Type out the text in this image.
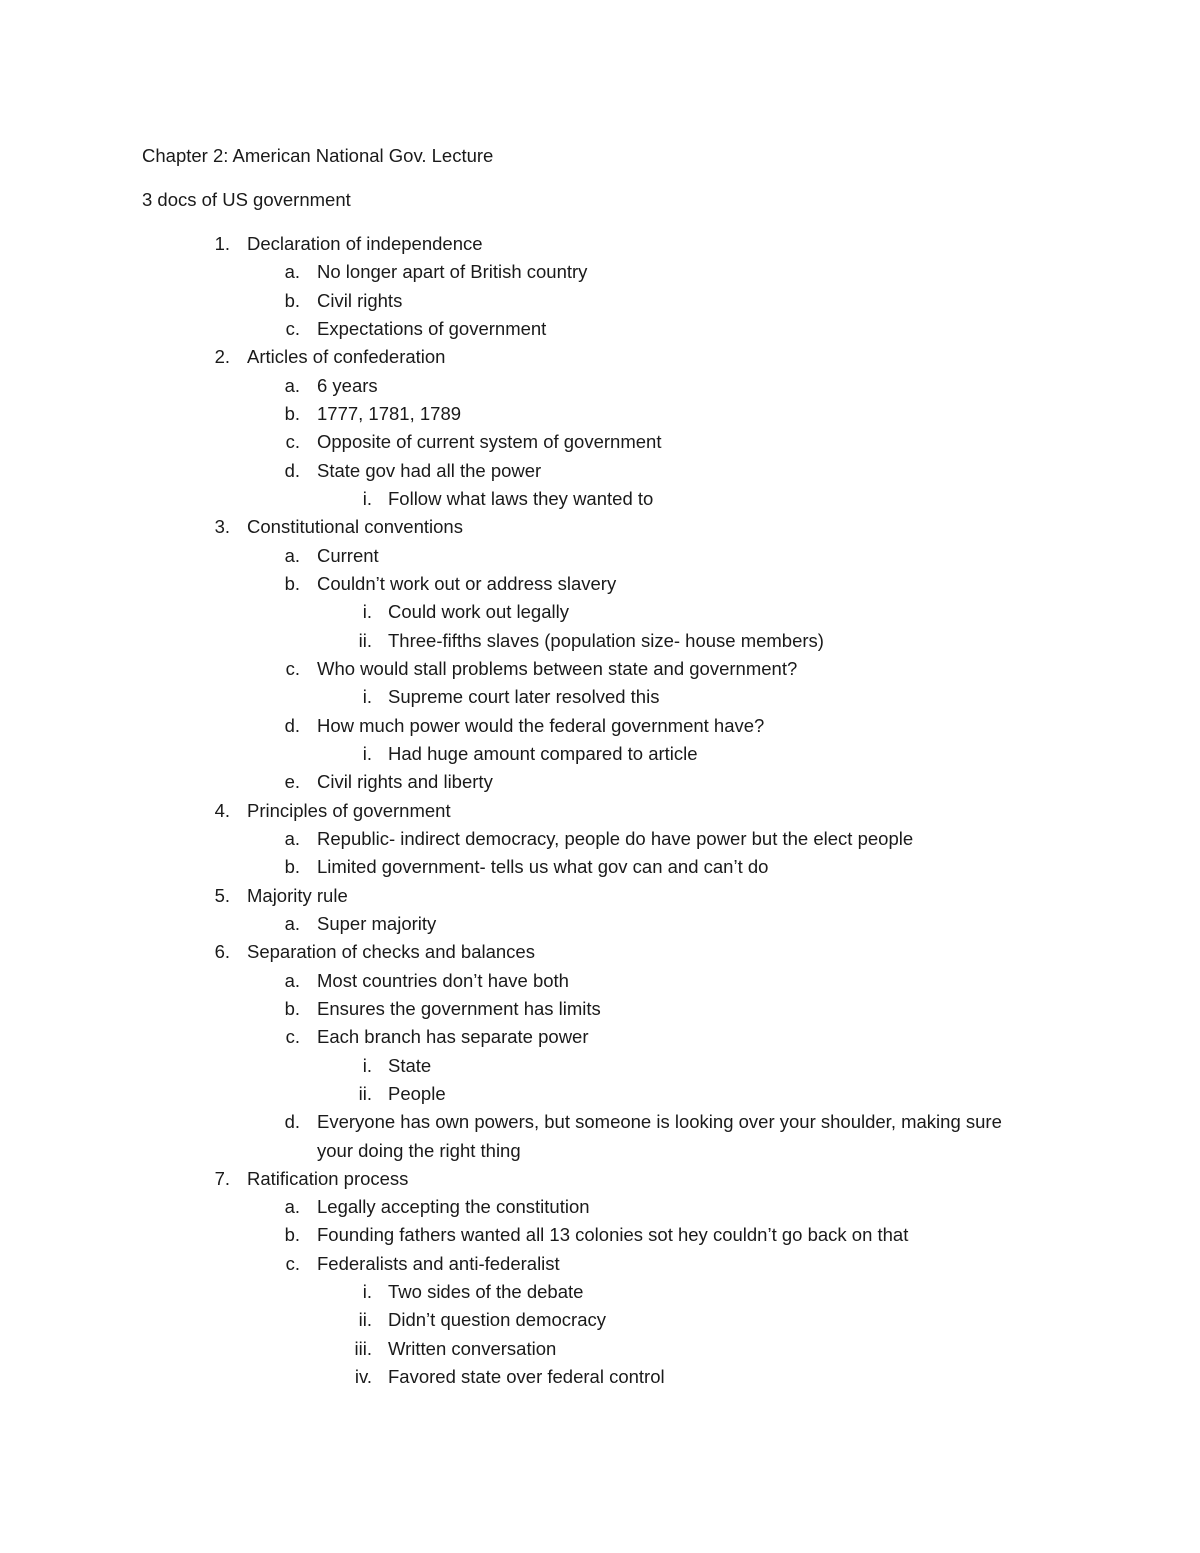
Chapter 2: American National Gov. Lecture
3 docs of US government
1. Declaration of independence
a. No longer apart of British country
b. Civil rights
c. Expectations of government
2. Articles of confederation
a. 6 years
b. 1777, 1781, 1789
c. Opposite of current system of government
d. State gov had all the power
i. Follow what laws they wanted to
3. Constitutional conventions
a. Current
b. Couldn’t work out or address slavery
i. Could work out legally
ii. Three-fifths slaves (population size- house members)
c. Who would stall problems between state and government?
i. Supreme court later resolved this
d. How much power would the federal government have?
i. Had huge amount compared to article
e. Civil rights and liberty
4. Principles of government
a. Republic- indirect democracy, people do have power but the elect people
b. Limited government- tells us what gov can and can’t do
5. Majority rule
a. Super majority
6. Separation of checks and balances
a. Most countries don’t have both
b. Ensures the government has limits
c. Each branch has separate power
i. State
ii. People
d. Everyone has own powers, but someone is looking over your shoulder, making sure
your doing the right thing
7. Ratification process
a. Legally accepting the constitution
b. Founding fathers wanted all 13 colonies sot hey couldn’t go back on that
c. Federalists and anti-federalist
i. Two sides of the debate
ii. Didn’t question democracy
iii. Written conversation
iv. Favored state over federal control
